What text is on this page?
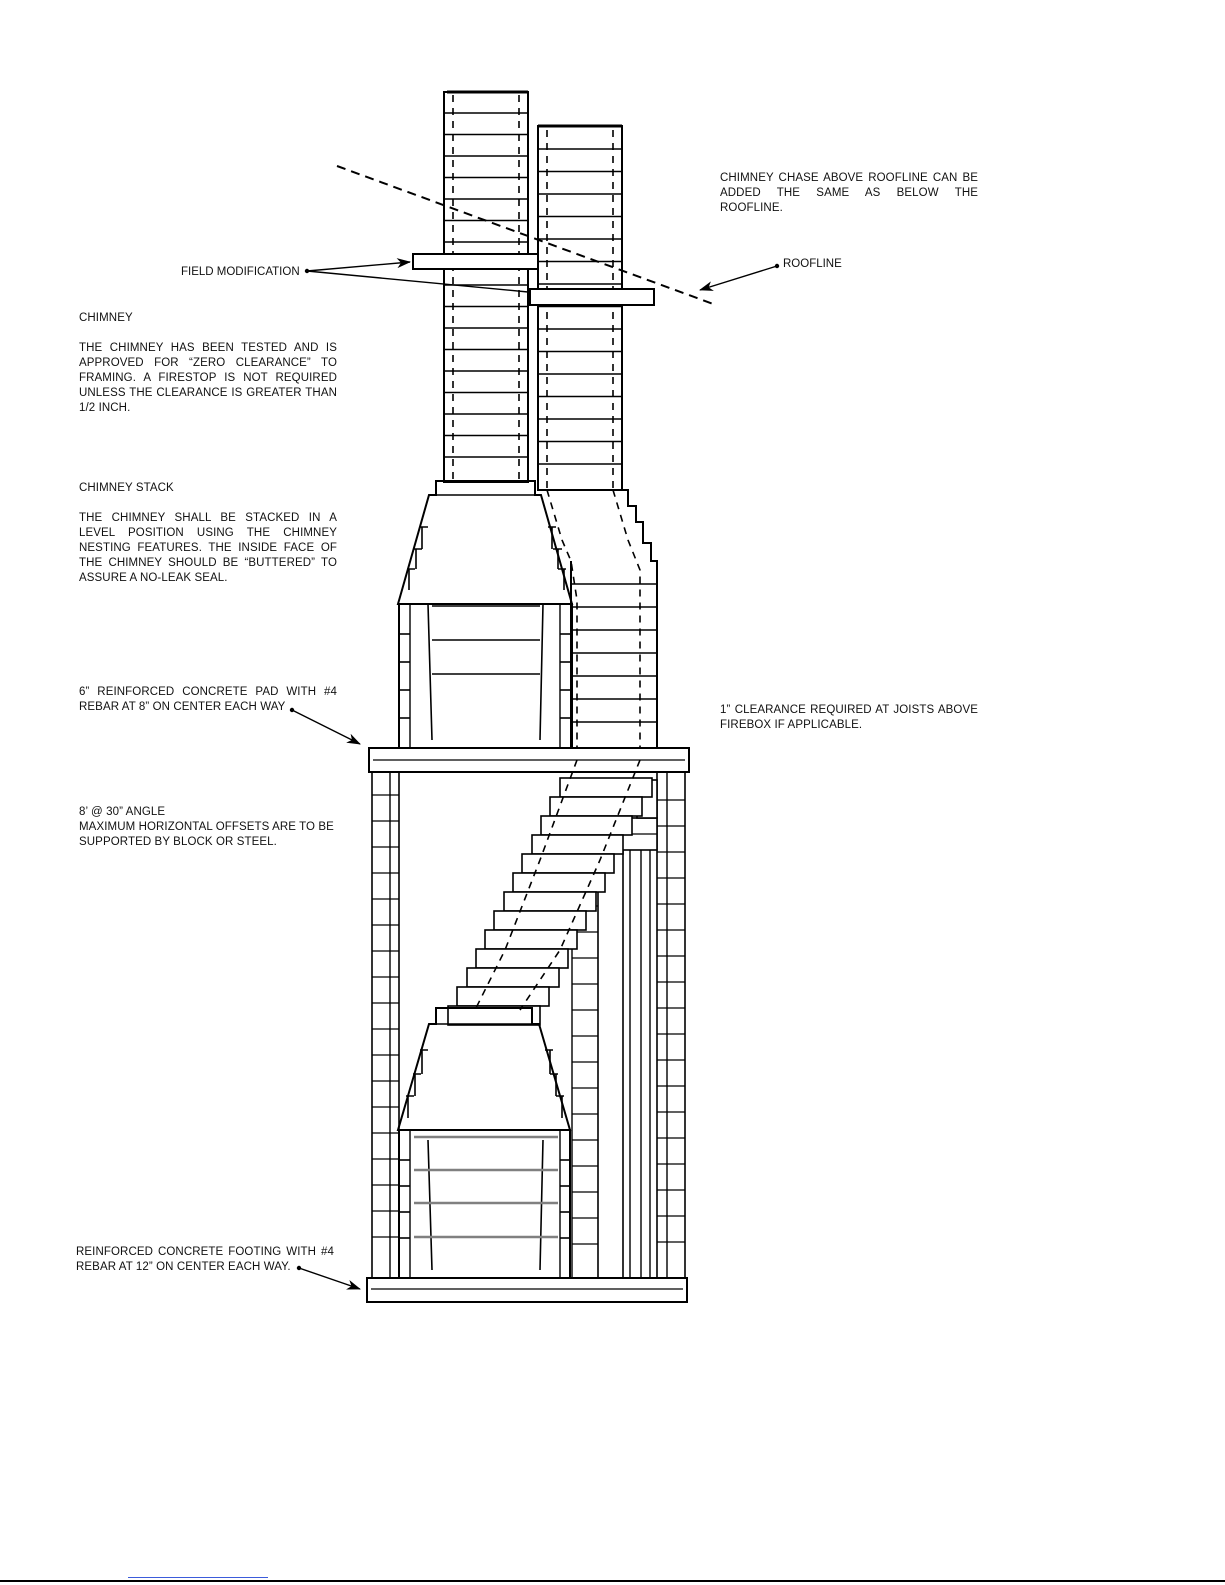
FIELD MODIFICATION

CHIMNEY

THE CHIMNEY HAS BEEN TESTED AND IS APPROVED FOR “ZERO CLEARANCE” TO FRAMING. A FIRESTOP IS NOT REQUIRED UNLESS THE CLEARANCE IS GREATER THAN 1/2 INCH.

CHIMNEY STACK

THE CHIMNEY SHALL BE STACKED IN A LEVEL POSITION USING THE CHIMNEY NESTING FEATURES. THE INSIDE FACE OF THE CHIMNEY SHOULD BE “BUTTERED” TO ASSURE A NO-LEAK SEAL.

6” REINFORCED CONCRETE PAD WITH #4 REBAR AT 8” ON CENTER EACH WAY

8’ @ 30” ANGLE

MAXIMUM HORIZONTAL OFFSETS ARE TO BE SUPPORTED BY BLOCK OR STEEL.

REINFORCED CONCRETE FOOTING WITH #4 REBAR AT 12” ON CENTER EACH WAY.
CHIMNEY CHASE ABOVE ROOFLINE CAN BE ADDED THE SAME AS BELOW THE ROOFLINE.
ROOFLINE
1” CLEARANCE REQUIRED AT JOISTS ABOVE FIREBOX IF APPLICABLE.
